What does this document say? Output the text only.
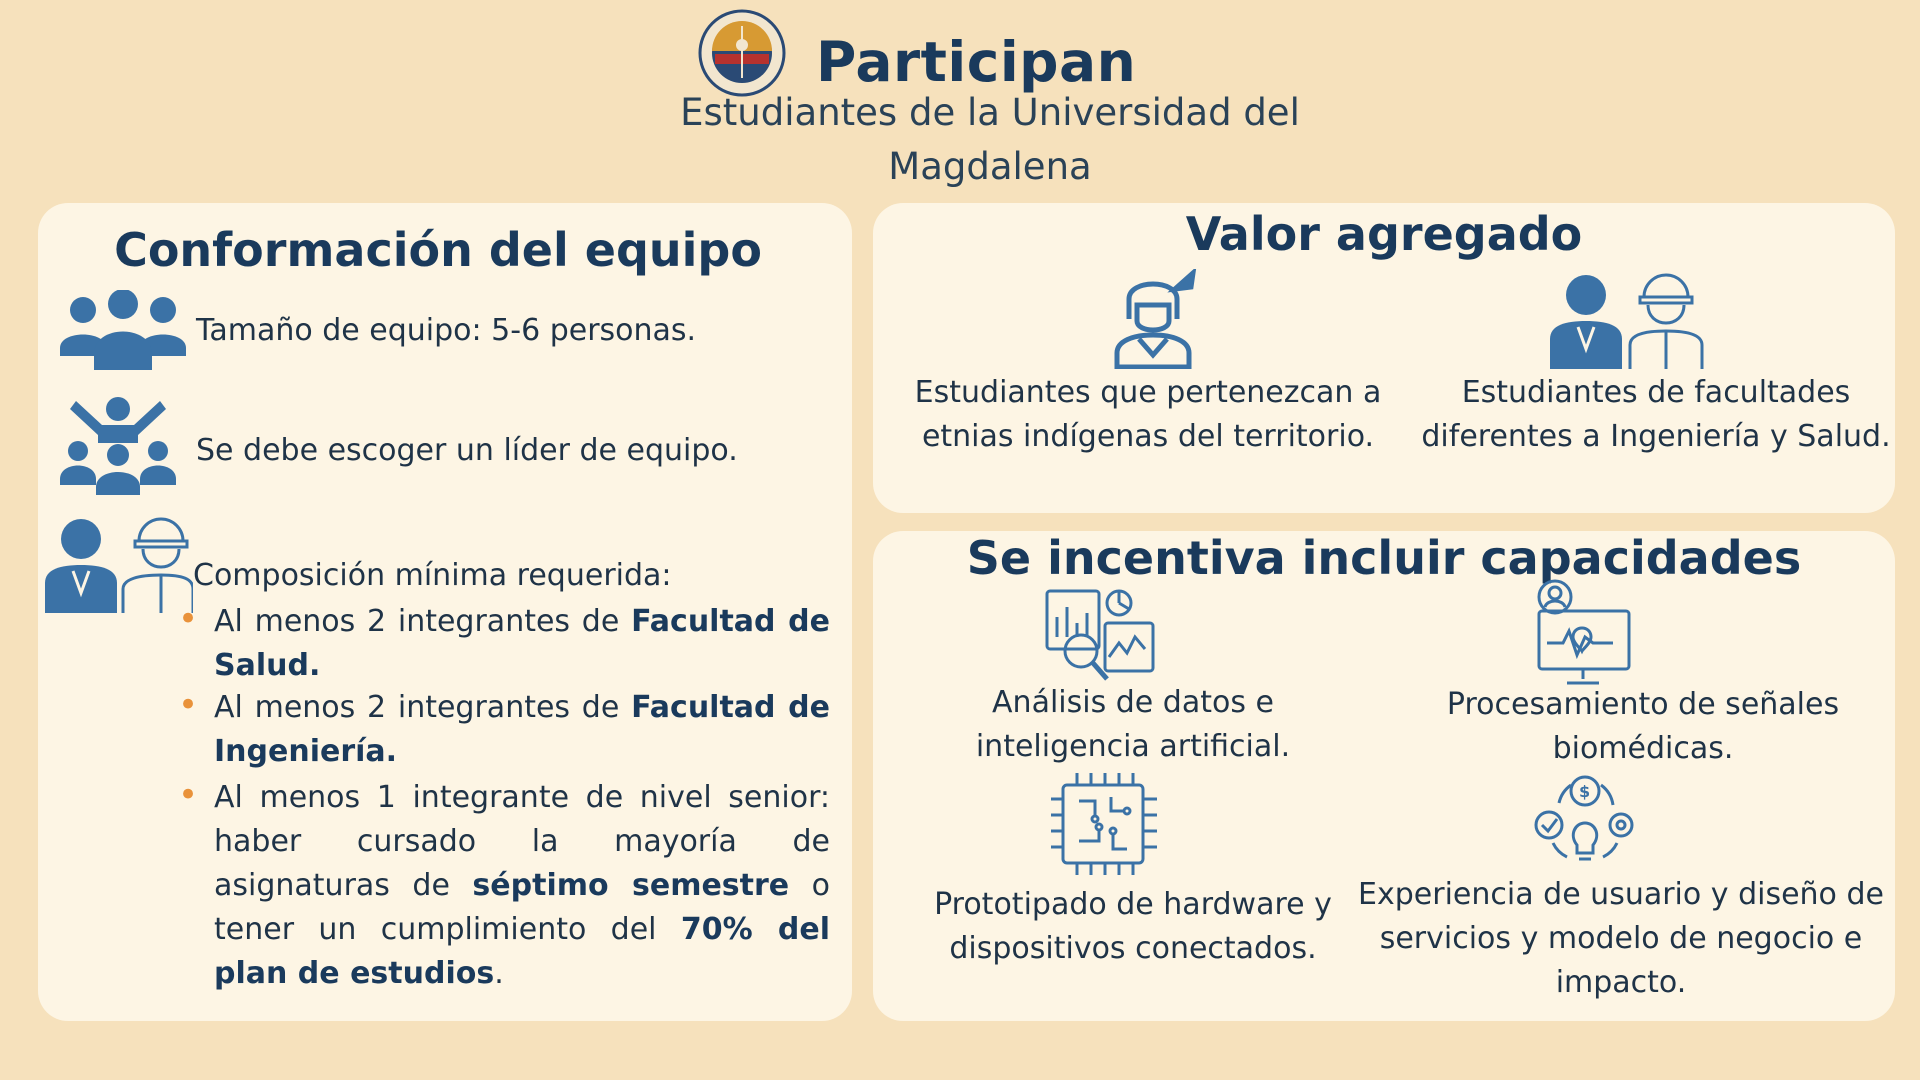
Participan
Estudiantes de la Universidad del Magdalena
Conformación del equipo
Tamaño de equipo: 5-6 personas.
Se debe escoger un líder de equipo.
Composición mínima requerida:
• Al menos 2 integrantes de Facultad de Salud.
• Al menos 2 integrantes de Facultad de Ingeniería.
• Al menos 1 integrante de nivel senior: haber cursado la mayoría de asignaturas de séptimo semestre o tener un cumplimiento del 70% del plan de estudios.
Valor agregado
Estudiantes que pertenezcan a etnias indígenas del territorio.
Estudiantes de facultades diferentes a Ingeniería y Salud.
Se incentiva incluir capacidades
Análisis de datos e inteligencia artificial.
Procesamiento de señales biomédicas.
Prototipado de hardware y dispositivos conectados.
$
Experiencia de usuario y diseño de servicios y modelo de negocio e impacto.
